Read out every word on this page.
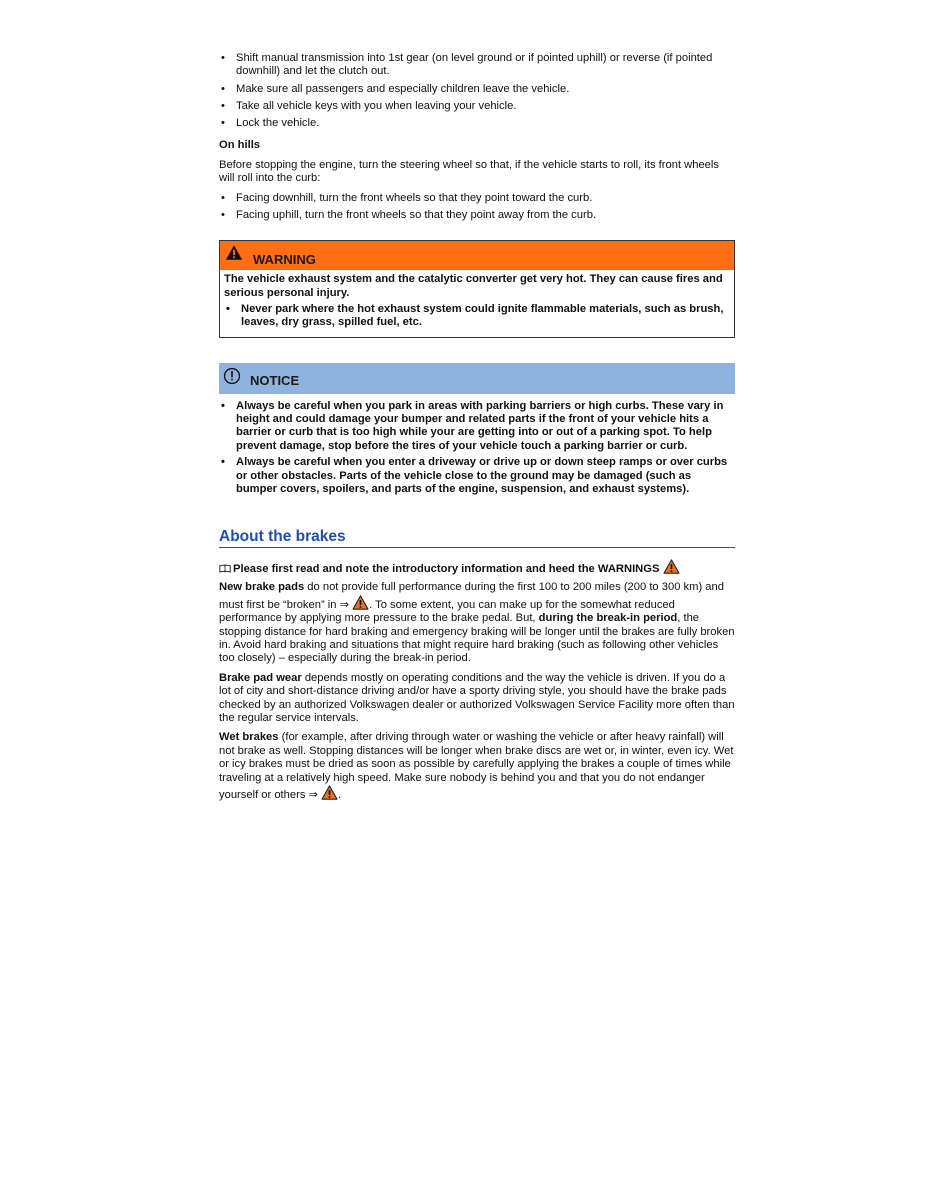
• Shift manual transmission into 1st gear (on level ground or if pointed uphill) or reverse (if pointed downhill) and let the clutch out.
• Make sure all passengers and especially children leave the vehicle.
• Take all vehicle keys with you when leaving your vehicle.
• Lock the vehicle.
On hills

Before stopping the engine, turn the steering wheel so that, if the vehicle starts to roll, its front wheels will roll into the curb:

• Facing downhill, turn the front wheels so that they point toward the curb.
• Facing uphill, turn the front wheels so that they point away from the curb.
WARNING

The vehicle exhaust system and the catalytic converter get very hot. They can cause fires and serious personal injury.

• Never park where the hot exhaust system could ignite flammable materials, such as brush, leaves, dry grass, spilled fuel, etc.
NOTICE
• Always be careful when you park in areas with parking barriers or high curbs. These vary in height and could damage your bumper and related parts if the front of your vehicle hits a barrier or curb that is too high while your are getting into or out of a parking spot. To help prevent damage, stop before the tires of your vehicle touch a parking barrier or curb.
• Always be careful when you enter a driveway or drive up or down steep ramps or over curbs or other obstacles. Parts of the vehicle close to the ground may be damaged (such as bumper covers, spoilers, and parts of the engine, suspension, and exhaust systems).
About the brakes
Please first read and note the introductory information and heed the WARNINGS

New brake pads do not provide full performance during the first 100 to 200 miles (200 to 300 km) and must first be “broken” in ⇒ . To some extent, you can make up for the somewhat reduced performance by applying more pressure to the brake pedal. But, during the break-in period, the stopping distance for hard braking and emergency braking will be longer until the brakes are fully broken in. Avoid hard braking and situations that might require hard braking (such as following other vehicles too closely) – especially during the break-in period.

Brake pad wear depends mostly on operating conditions and the way the vehicle is driven. If you do a lot of city and short-distance driving and/or have a sporty driving style, you should have the brake pads checked by an authorized Volkswagen dealer or authorized Volkswagen Service Facility more often than the regular service intervals.

Wet brakes (for example, after driving through water or washing the vehicle or after heavy rainfall) will not brake as well. Stopping distances will be longer when brake discs are wet or, in winter, even icy. Wet or icy brakes must be dried as soon as possible by carefully applying the brakes a couple of times while traveling at a relatively high speed. Make sure nobody is behind you and that you do not endanger yourself or others ⇒ .
